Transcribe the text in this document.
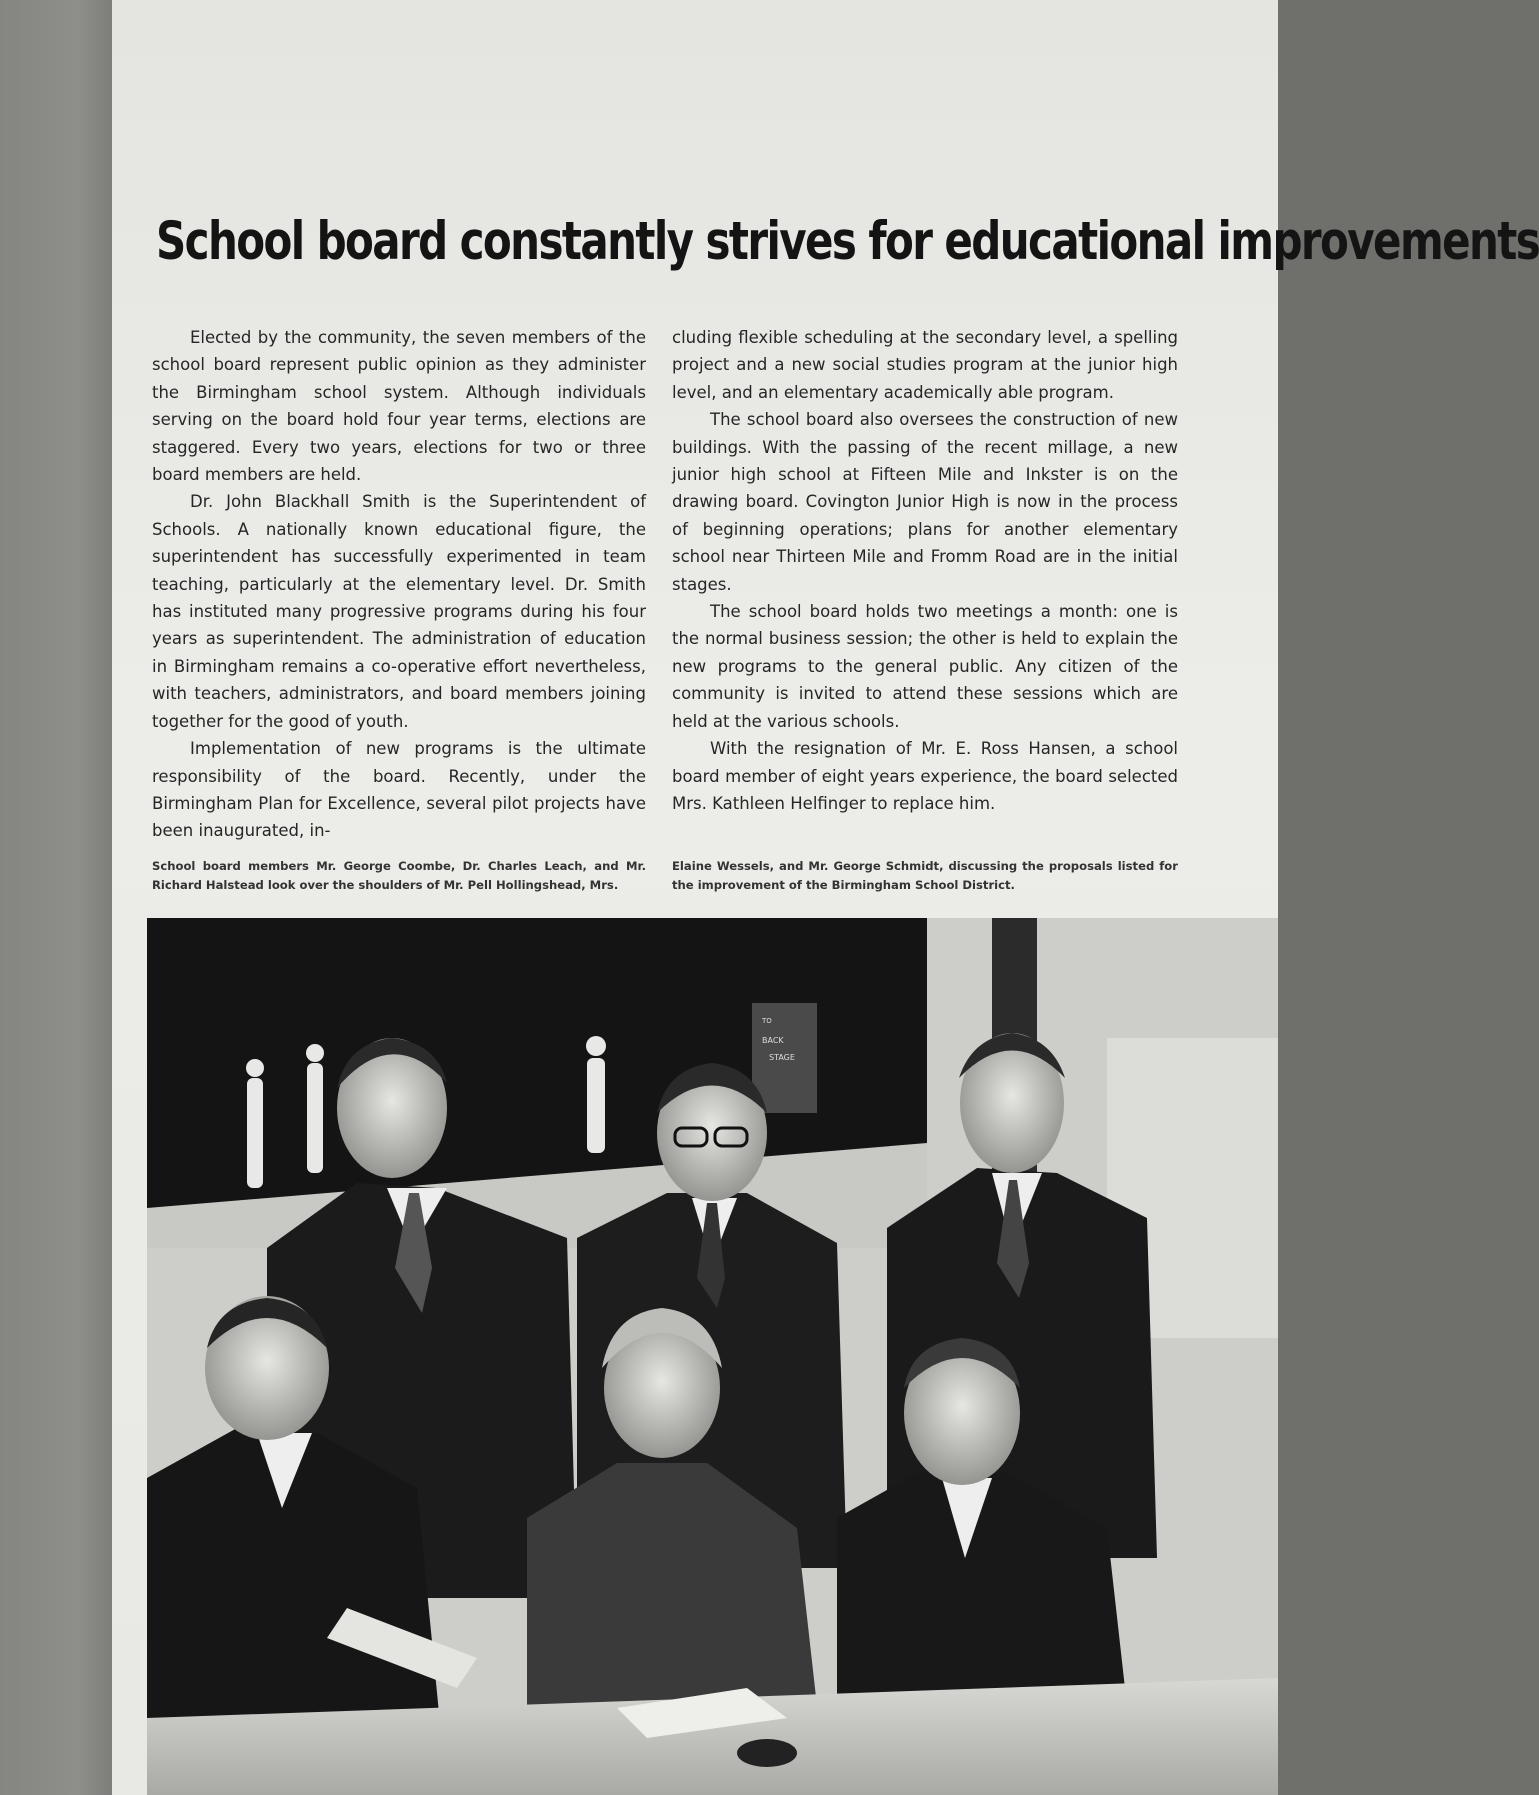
School board constantly strives for educational improvements

Elected by the community, the seven members of the school board represent public opinion as they administer the Birmingham school system. Although individuals serving on the board hold four year terms, elections are staggered. Every two years, elections for two or three board members are held.

Dr. John Blackhall Smith is the Superintendent of Schools. A nationally known educational figure, the superintendent has successfully experimented in team teaching, particularly at the elementary level. Dr. Smith has instituted many progressive programs during his four years as superintendent. The administration of education in Birmingham remains a co-operative effort nevertheless, with teachers, administrators, and board members joining together for the good of youth.

Implementation of new programs is the ultimate responsibility of the board. Recently, under the Birmingham Plan for Excellence, several pilot projects have been inaugurated, in-

cluding flexible scheduling at the secondary level, a spelling project and a new social studies program at the junior high level, and an elementary academically able program.

The school board also oversees the construction of new buildings. With the passing of the recent millage, a new junior high school at Fifteen Mile and Inkster is on the drawing board. Covington Junior High is now in the process of beginning operations; plans for another elementary school near Thirteen Mile and Fromm Road are in the initial stages.

The school board holds two meetings a month: one is the normal business session; the other is held to explain the new programs to the general public. Any citizen of the community is invited to attend these sessions which are held at the various schools.

With the resignation of Mr. E. Ross Hansen, a school board member of eight years experience, the board selected Mrs. Kathleen Helfinger to replace him.

School board members Mr. George Coombe, Dr. Charles Leach, and Mr. Richard Halstead look over the shoulders of Mr. Pell Hollingshead, Mrs.
Elaine Wessels, and Mr. George Schmidt, discussing the proposals listed for the improvement of the Birmingham School District.
TO
BACK
STAGE
